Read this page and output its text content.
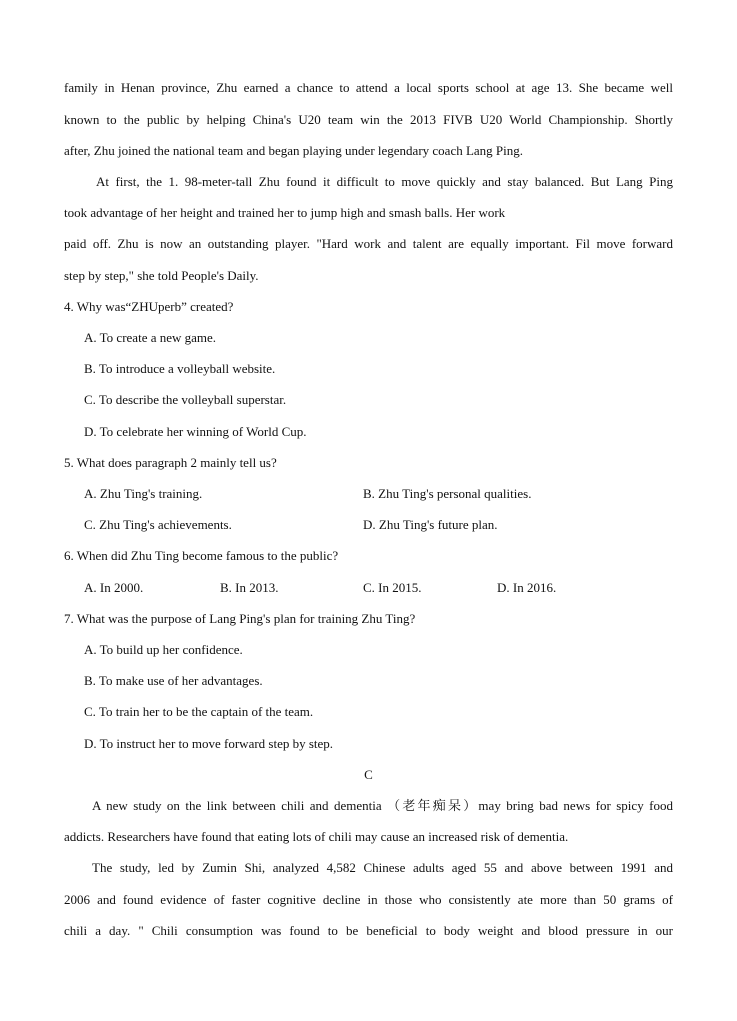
family in Henan province, Zhu earned a chance to attend a local sports school at age 13. She became well
known to the public by helping China's U20 team win the 2013 FIVB U20 World Championship. Shortly
after, Zhu joined the national team and began playing under legendary coach Lang Ping.
At first, the 1. 98-meter-tall Zhu found it difficult to move quickly and stay balanced. But Lang Ping
took advantage of her height and trained her to jump high and smash balls. Her work
paid off. Zhu is now an outstanding player. "Hard work and talent are equally important. Fil move forward
step by step," she told People's Daily.
4. Why was“ZHUperb” created?
A. To create a new game.
B. To introduce a volleyball website.
C. To describe the volleyball superstar.
D. To celebrate her winning of World Cup.
5. What does paragraph 2 mainly tell us?
A. Zhu Ting's training.	B. Zhu Ting's personal qualities.
C. Zhu Ting's achievements.	D. Zhu Ting's future plan.
6. When did Zhu Ting become famous to the public?
A. In 2000.	B. In 2013.	C. In 2015.	D. In 2016.
7. What was the purpose of Lang Ping's plan for training Zhu Ting?
A. To build up her confidence.
B. To make use of her advantages.
C. To train her to be the captain of the team.
D. To instruct her to move forward step by step.
C
A new study on the link between chili and dementia （老年痴呆）may bring bad news for spicy food
addicts. Researchers have found that eating lots of chili may cause an increased risk of dementia.
The study, led by Zumin Shi, analyzed 4,582 Chinese adults aged 55 and above between 1991 and
2006 and found evidence of faster cognitive decline in those who consistently ate more than 50 grams of
chili a day. " Chili consumption was found to be beneficial to body weight and blood pressure in our
